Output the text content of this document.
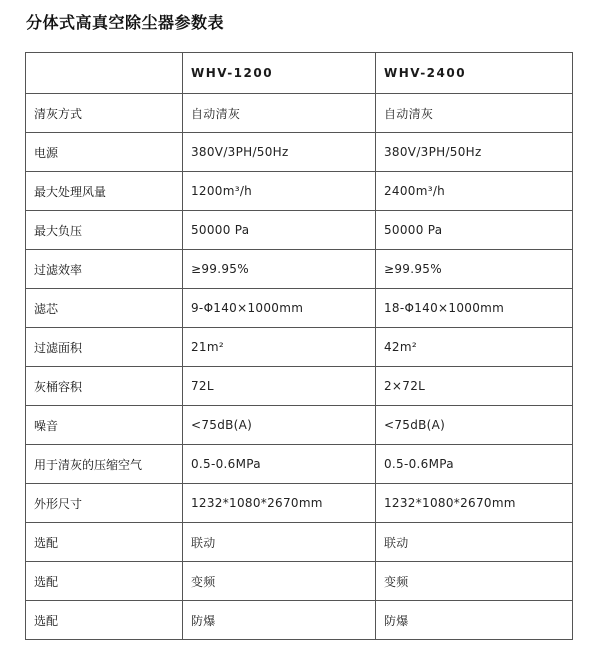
分体式高真空除尘器参数表
	WHV-1200	WHV-2400
清灰方式	自动清灰	自动清灰
电源	380V/3PH/50Hz	380V/3PH/50Hz
最大处理风量	1200m³/h	2400m³/h
最大负压	50000 Pa	50000 Pa
过滤效率	≥99.95%	≥99.95%
滤芯	9-Φ140×1000mm	18-Φ140×1000mm
过滤面积	21m²	42m²
灰桶容积	72L	2×72L
噪音	<75dB(A)	<75dB(A)
用于清灰的压缩空气	0.5-0.6MPa	0.5-0.6MPa
外形尺寸	1232*1080*2670mm	1232*1080*2670mm
选配	联动	联动
选配	变频	变频
选配	防爆	防爆
